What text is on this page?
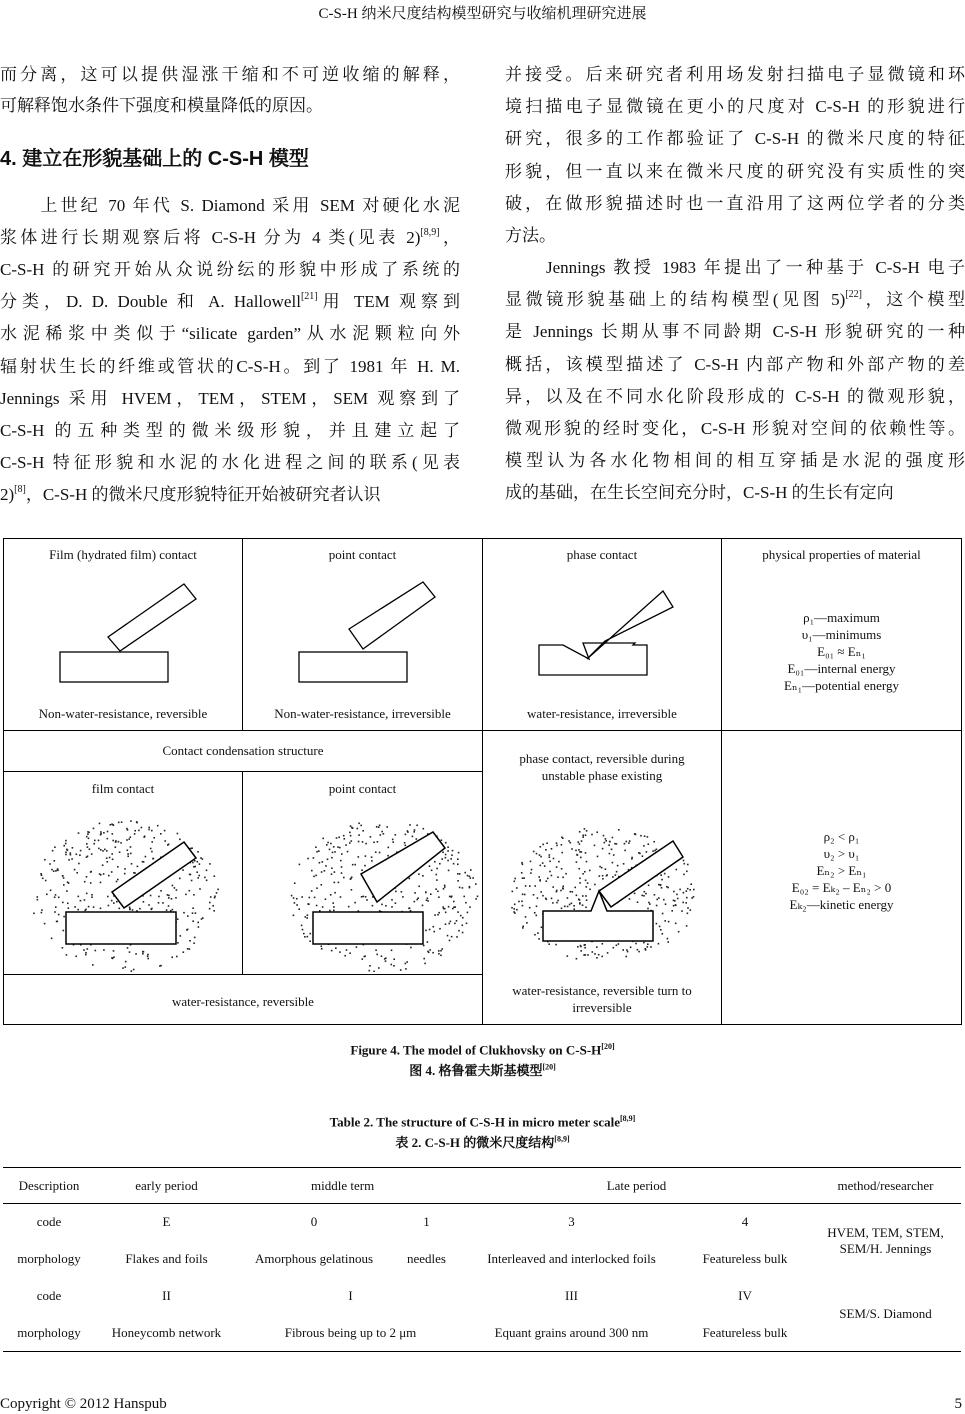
C-S-H 纳米尺度结构模型研究与收缩机理研究进展
而分离，这可以提供湿涨干缩和不可逆收缩的解释，
可解释饱水条件下强度和模量降低的原因。
4. 建立在形貌基础上的 C-S-H 模型
　　上世纪 70 年代 S. Diamond 采用 SEM 对硬化水泥
浆体进行长期观察后将 C-S-H 分为 4 类(见表 2)[8,9]，
C-S-H 的研究开始从众说纷纭的形貌中形成了系统的
分类，D. D. Double 和 A. Hallowell[21]用 TEM 观察到
水泥稀浆中类似于“silicate garden”从水泥颗粒向外
辐射状生长的纤维或管状的C-S-H。到了 1981 年 H. M.
Jennings 采用 HVEM，TEM，STEM，SEM 观察到了
C-S-H 的五种类型的微米级形貌，并且建立起了
C-S-H 特征形貌和水泥的水化进程之间的联系(见表
2)[8]，C-S-H 的微米尺度形貌特征开始被研究者认识
并接受。后来研究者利用场发射扫描电子显微镜和环
境扫描电子显微镜在更小的尺度对 C-S-H 的形貌进行
研究，很多的工作都验证了 C-S-H 的微米尺度的特征
形貌，但一直以来在微米尺度的研究没有实质性的突
破，在做形貌描述时也一直沿用了这两位学者的分类
方法。
　　Jennings 教授 1983 年提出了一种基于 C-S-H 电子
显微镜形貌基础上的结构模型(见图 5)[22]，这个模型
是 Jennings 长期从事不同龄期 C-S-H 形貌研究的一种
概括，该模型描述了 C-S-H 内部产物和外部产物的差
异，以及在不同水化阶段形成的 C-S-H 的微观形貌，
微观形貌的经时变化，C-S-H 形貌对空间的依赖性等。
模型认为各水化物相间的相互穿插是水泥的强度形
成的基础，在生长空间充分时，C-S-H 的生长有定向
Film (hydrated film) contact
Non-water-resistance, reversible
point contact
Non-water-resistance, irreversible
phase contact
water-resistance, irreversible
physical properties of material
ρ₁—maximum
υ₁—minimums
E₀₁ ≈ Eₙ₁
E₀₁—internal energy
Eₙ₁—potential energy
Contact condensation structure
film contact	point contact
water-resistance, reversible
phase contact, reversible during unstable phase existing
water-resistance, reversible turn to irreversible
ρ₂ < ρ₁
υ₂ > υ₁
Eₙ₂ > Eₙ₁
E₀₂ = Eₖ₂ – Eₙ₂ > 0
Eₖ₂—kinetic energy
Figure 4. The model of Clukhovsky on C-S-H[20]
图 4. 格鲁霍夫斯基模型[20]
Table 2. The structure of C-S-H in micro meter scale[8,9]
表 2. C-S-H 的微米尺度结构[8,9]
Description	early period	middle term		Late period		method/researcher
code	E	0	1	3	4	HVEM, TEM, STEM, SEM/H. Jennings
morphology	Flakes and foils	Amorphous gelatinous	needles	Interleaved and interlocked foils	Featureless bulk	
code	II	I		III	IV	SEM/S. Diamond
morphology	Honeycomb network	Fibrous being up to 2 μm		Equant grains around 300 nm	Featureless bulk	
Copyright © 2012 Hanspub	5
